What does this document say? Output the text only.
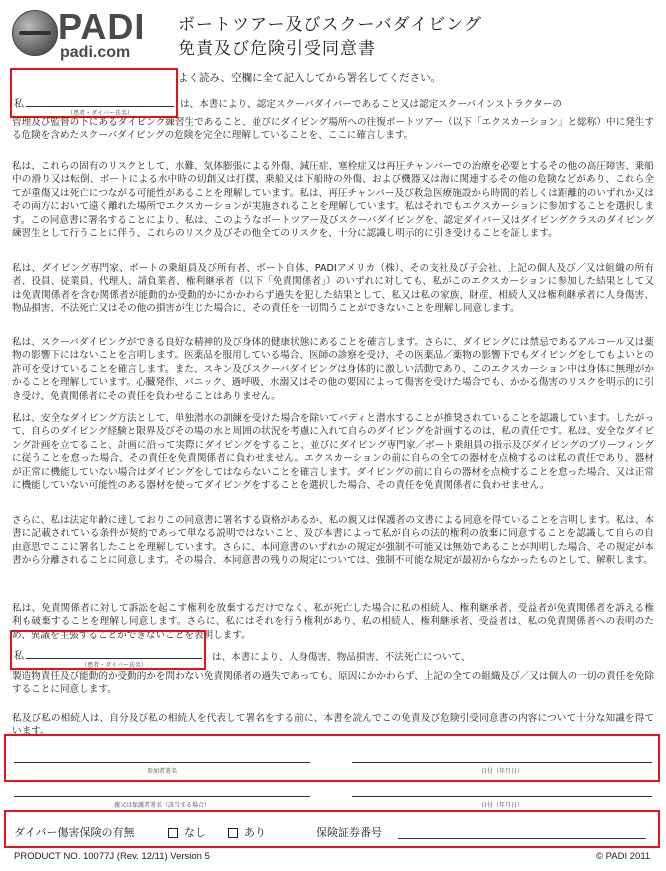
PADI
padi.com
ボートツアー及びスクーバダイビング
免責及び危険引受同意書
よく読み、空欄に全て記入してから署名してください。
私
（患者・ダイバー氏名）
は、本書により、認定スクーバダイバーであること又は認定スクーバインストラクターの
管理及び監督の下にあるダイビング練習生であること、並びにダイビング場所への往復ボートツアー（以下「エクスカーション」と総称）中に発生する危険を含めたスクーバダイビングの危険を完全に理解していることを、ここに確言します。
私は、これらの固有のリスクとして、水難、気体膨張による外傷、減圧症、塞栓症又は再圧チャンバーでの治療を必要とするその他の高圧障害、乗船中の滑り又は転倒、ボートによる水中時の切創又は打撲、乗船又は下船時の外傷、および機器又は海に関連するその他の危険などがあり、これら全てが重傷又は死亡につながる可能性があることを理解しています。私は、再圧チャンバー及び救急医療施設から時間的若しくは距離的のいずれか又はその両方において遠く離れた場所でエクスカーションが実施されることを理解しています。私はそれでもエクスカーションに参加することを選択します。この同意書に署名することにより、私は、このようなボートツアー及びスクーバダイビングを、認定ダイバー又はダイビングクラスのダイビング練習生として行うことに伴う、これらのリスク及びその他全てのリスクを、十分に認識し明示的に引き受けることを証します。
私は、ダイビング専門家、ボートの乗組員及び所有者、ボート自体、PADIアメリカ（株）、その支社及び子会社、上記の個人及び／又は組織の所有者、役員、従業員、代理人、請負業者、権利継承者（以下「免責関係者」）のいずれに対しても、私がこのエクスカーションに参加した結果として又は免責関係者を含む関係者が能動的か受動的かにかかわらず過失を犯した結果として、私又は私の家族、財産、相続人又は権利継承者に人身傷害、物品損害、不法死亡又はその他の損害が生じた場合に、その責任を一切問うことができないことを理解し同意します。
私は、スクーバダイビングができる良好な精神的及び身体的健康状態にあることを確言します。さらに、ダイビングには禁忌であるアルコール又は薬物の影響下にはないことを言明します。医薬品を服用している場合、医師の診察を受け、その医薬品／薬物の影響下でもダイビングをしてもよいとの許可を受けていることを確言します。また、スキン及びスクーバダイビングは身体的に激しい活動であり、このエクスカーション中は身体に無理がかかることを理解しています。心臓発作、パニック、過呼吸、水溺又はその他の要因によって傷害を受けた場合でも、かかる傷害のリスクを明示的に引き受け、免責関係者にその責任を負わせることはありません。
私は、安全なダイビング方法として、単独潜水の訓練を受けた場合を除いてバディと潜水することが推奨されていることを認識しています。したがって、自らのダイビング経験と限界及びその場の水と周囲の状況を考慮に入れて自らのダイビングを計画するのは、私の責任です。私は、安全なダイビング計画を立てること、計画に沿って実際にダイビングをすること、並びにダイビング専門家／ボート乗組員の指示及びダイビングのブリーフィングに従うことを怠った場合、その責任を免責関係者に負わせません。エクスカーションの前に自らの全ての器材を点検するのは私の責任であり、器材が正常に機能していない場合はダイビングをしてはならないことを確言します。ダイビングの前に自らの器材を点検することを怠った場合、又は正常に機能していない可能性のある器材を使ってダイビングをすることを選択した場合、その責任を免責関係者に負わせません。
さらに、私は法定年齢に達しておりこの同意書に署名する資格があるか、私の親又は保護者の文書による同意を得ていることを言明します。私は、本書に記載されている条件が契約であって単なる説明ではないこと、及び本書によって私が自らの法的権利の放棄に同意することを認識して自らの自由意思でここに署名したことを理解しています。さらに、本同意書のいずれかの規定が強制不可能又は無効であることが判明した場合、その規定が本書から分離されることに同意します。その場合、本同意書の残りの規定については、強制不可能な規定が最初からなかったものとして、解釈します。
私は、免責関係者に対して訴訟を起こす権利を放棄するだけでなく、私が死亡した場合に私の相続人、権利継承者、受益者が免責関係者を訴える権利も破棄することを理解し同意します。さらに、私にはそれを行う権利があり、私の相続人、権利継承者、受益者は、私の免責関係者への表明のため、異議を主張することができないことを表明します。
私
（患者・ダイバー氏名）
は、本書により、人身傷害、物品損害、不法死亡について、
製造物責任及び能動的か受動的かを問わない免責関係者の過失であっても、原因にかかわらず、上記の全ての組織及び／又は個人の一切の責任を免除することに同意します。
私及び私の相続人は、自分及び私の相続人を代表して署名をする前に、本書を読んでこの免責及び危険引受同意書の内容について十分な知識を得ています。
参加者署名	日付（年月日）
親又は保護者署名（該当する場合）	日付（年月日）
ダイバー傷害保険の有無	なし	あり	保険証券番号
PRODUCT NO. 10077J (Rev. 12/11) Version 5	© PADI 2011
